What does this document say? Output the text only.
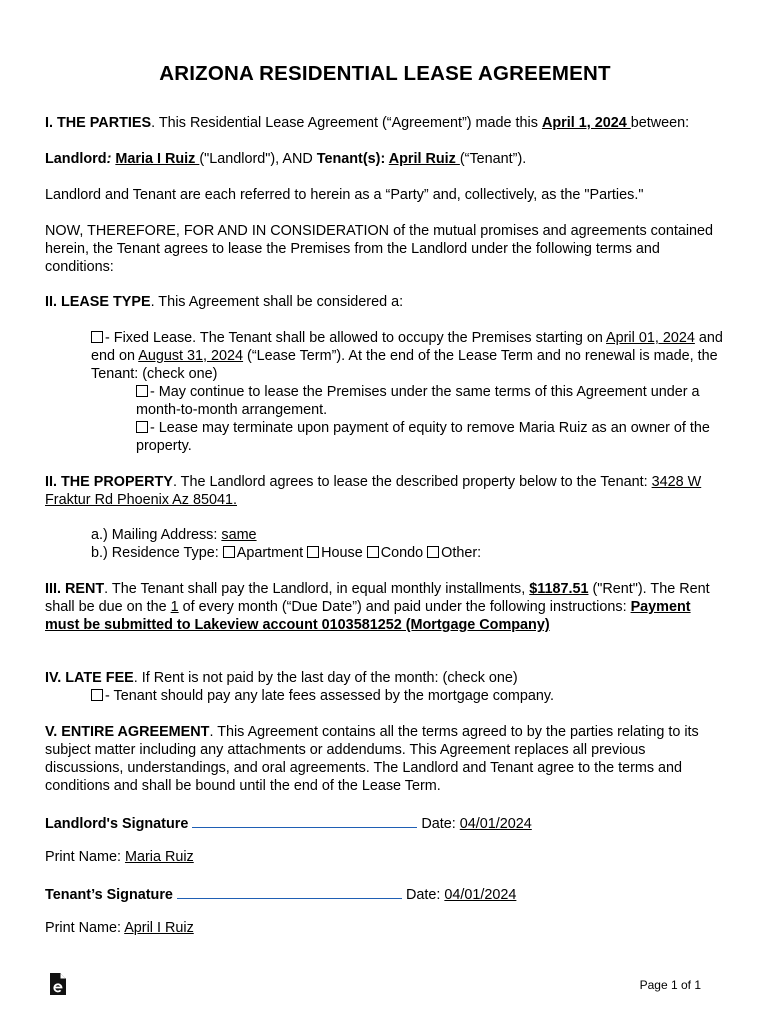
ARIZONA RESIDENTIAL LEASE AGREEMENT
I. THE PARTIES. This Residential Lease Agreement (“Agreement”) made this April 1, 2024 between:
Landlord: Maria I Ruiz ("Landlord"), AND Tenant(s): April Ruiz (“Tenant”).
Landlord and Tenant are each referred to herein as a “Party” and, collectively, as the "Parties."
NOW, THEREFORE, FOR AND IN CONSIDERATION of the mutual promises and agreements contained herein, the Tenant agrees to lease the Premises from the Landlord under the following terms and conditions:
II. LEASE TYPE. This Agreement shall be considered a:
- Fixed Lease. The Tenant shall be allowed to occupy the Premises starting on April 01, 2024 and end on August 31, 2024 (“Lease Term”). At the end of the Lease Term and no renewal is made, the Tenant: (check one)
- May continue to lease the Premises under the same terms of this Agreement under a month-to-month arrangement.
- Lease may terminate upon payment of equity to remove Maria Ruiz as an owner of the property.
II. THE PROPERTY. The Landlord agrees to lease the described property below to the Tenant: 3428 W Fraktur Rd Phoenix Az 85041.
a.) Mailing Address: same
b.) Residence Type: Apartment House Condo Other:
III. RENT. The Tenant shall pay the Landlord, in equal monthly installments, $1187.51 ("Rent"). The Rent shall be due on the 1 of every month (“Due Date”) and paid under the following instructions: Payment must be submitted to Lakeview account 0103581252 (Mortgage Company)
IV. LATE FEE. If Rent is not paid by the last day of the month: (check one)
- Tenant should pay any late fees assessed by the mortgage company.
V. ENTIRE AGREEMENT. This Agreement contains all the terms agreed to by the parties relating to its subject matter including any attachments or addendums. This Agreement replaces all previous discussions, understandings, and oral agreements. The Landlord and Tenant agree to the terms and conditions and shall be bound until the end of the Lease Term.
Landlord's Signature	Date: 04/01/2024
Print Name: Maria Ruiz
Tenant’s Signature	Date: 04/01/2024
Print Name: April I Ruiz
Page 1 of 1
